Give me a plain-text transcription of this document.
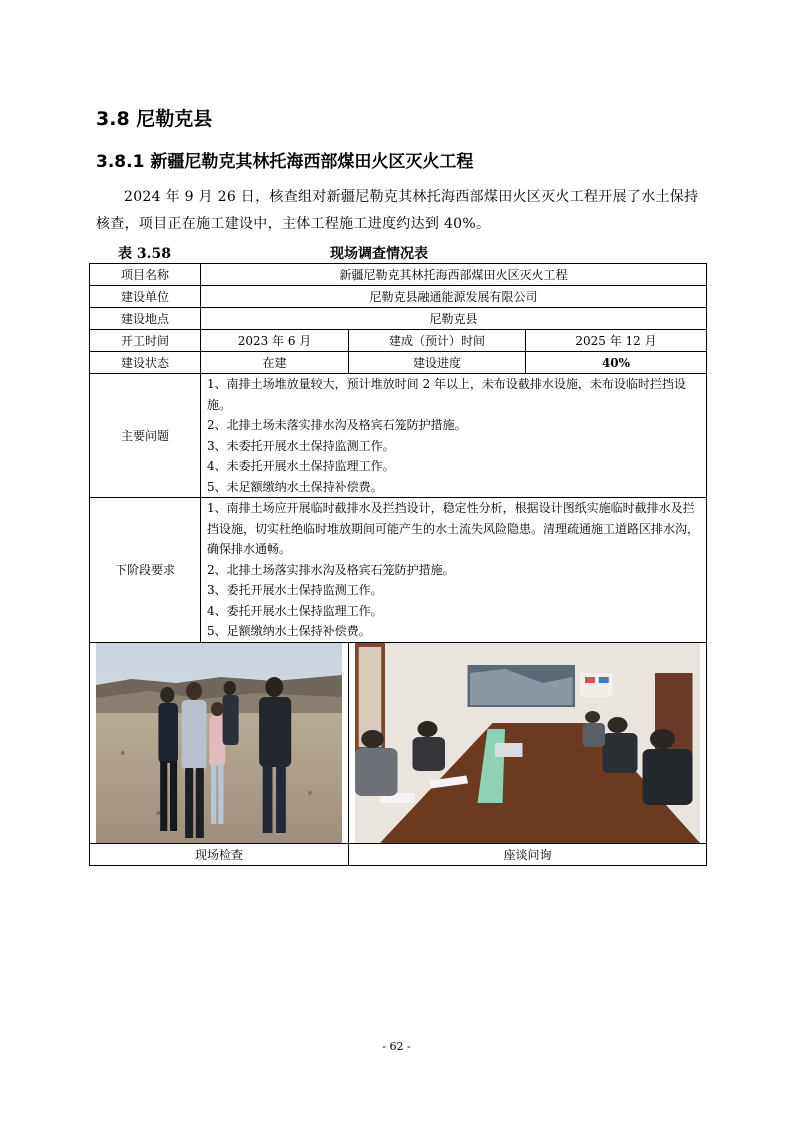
3.8 尼勒克县
3.8.1 新疆尼勒克其林托海西部煤田火区灭火工程

2024 年 9 月 26 日，核查组对新疆尼勒克其林托海西部煤田火区灭火工程开展了水土保持核查，项目正在施工建设中，主体工程施工进度约达到 40%。

表 3.58	现场调查情况表
项目名称	新疆尼勒克其林托海西部煤田火区灭火工程		
建设单位	尼勒克县融通能源发展有限公司		
建设地点	尼勒克县		
开工时间	2023 年 6 月	建成（预计）时间	2025 年 12 月
建设状态	在建	建设进度	40%
主要问题	1、南排土场堆放量较大，预计堆放时间 2 年以上，未布设截排水设施，未布设临时拦挡设施。
2、北排土场未落实排水沟及格宾石笼防护措施。
3、未委托开展水土保持监测工作。
4、未委托开展水土保持监理工作。
5、未足额缴纳水土保持补偿费。		

下阶段要求	1、南排土场应开展临时截排水及拦挡设计，稳定性分析，根据设计图纸实施临时截排水及拦挡设施，切实杜绝临时堆放期间可能产生的水土流失风险隐患。清理疏通施工道路区排水沟，确保排水通畅。
2、北排土场落实排水沟及格宾石笼防护措施。
3、委托开展水土保持监测工作。
4、委托开展水土保持监理工作。
5、足额缴纳水土保持补偿费。		

现场检查		座谈问询	
- 62 -
